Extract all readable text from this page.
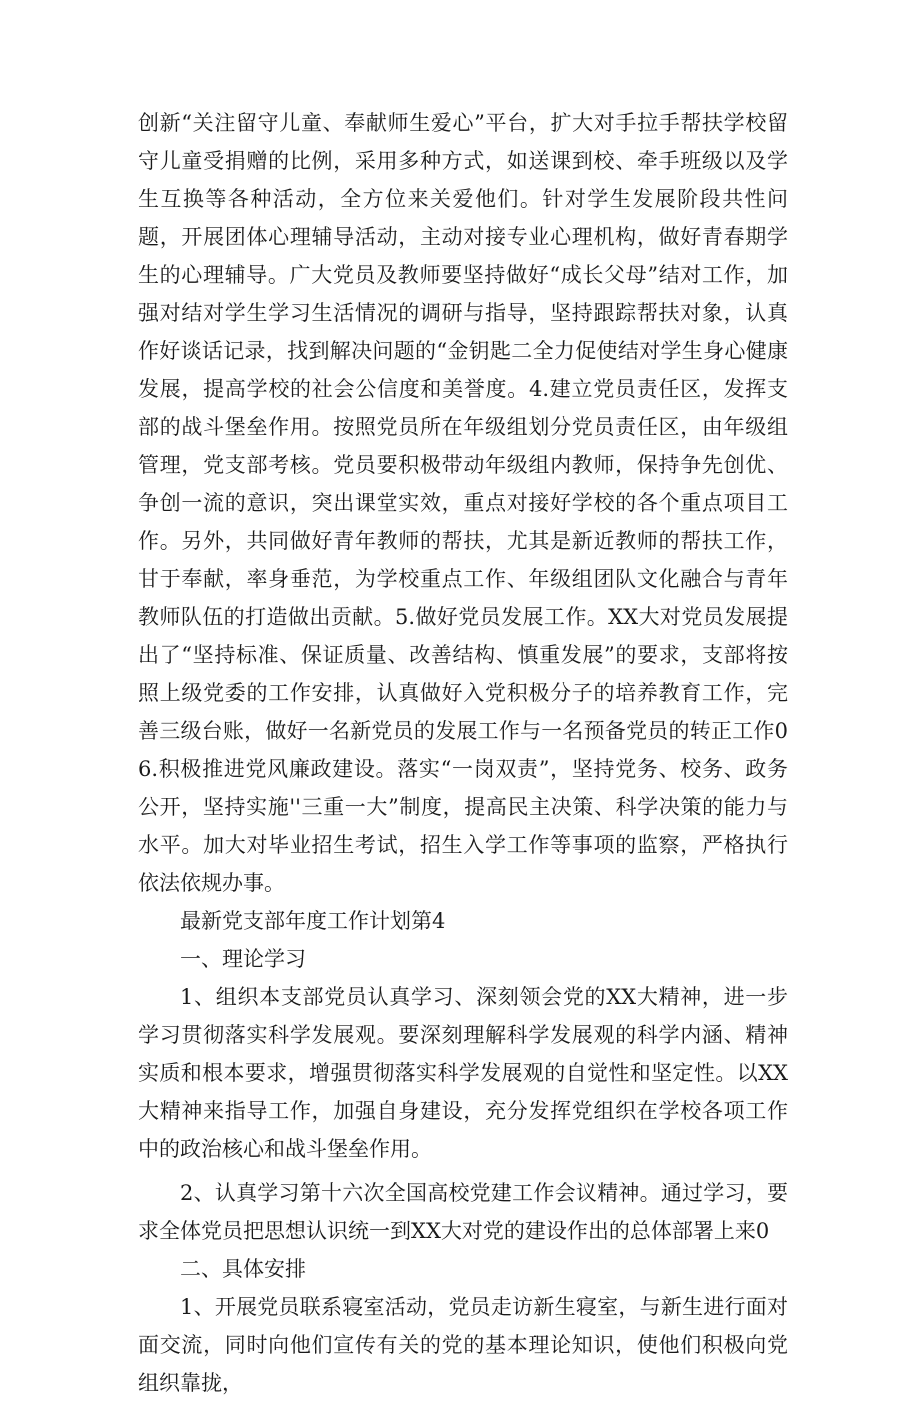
创新“关注留守儿童、奉献师生爱心”平台，扩大对手拉手帮扶学校留守儿童受捐赠的比例，采用多种方式，如送课到校、牵手班级以及学生互换等各种活动，全方位来关爱他们。针对学生发展阶段共性问题，开展团体心理辅导活动，主动对接专业心理机构，做好青春期学生的心理辅导。广大党员及教师要坚持做好“成长父母”结对工作，加强对结对学生学习生活情况的调研与指导，坚持跟踪帮扶对象，认真作好谈话记录，找到解决问题的“金钥匙二全力促使结对学生身心健康发展，提高学校的社会公信度和美誉度。4.建立党员责任区，发挥支部的战斗堡垒作用。按照党员所在年级组划分党员责任区，由年级组管理，党支部考核。党员要积极带动年级组内教师，保持争先创优、争创一流的意识，突出课堂实效，重点对接好学校的各个重点项目工作。另外，共同做好青年教师的帮扶，尤其是新近教师的帮扶工作，甘于奉献，率身垂范，为学校重点工作、年级组团队文化融合与青年教师队伍的打造做出贡献。5.做好党员发展工作。XX大对党员发展提出了“坚持标准、保证质量、改善结构、慎重发展”的要求，支部将按照上级党委的工作安排，认真做好入党积极分子的培养教育工作，完善三级台账，做好一名新党员的发展工作与一名预备党员的转正工作06.积极推进党风廉政建设。落实“一岗双责”，坚持党务、校务、政务公开，坚持实施''三重一大”制度，提高民主决策、科学决策的能力与水平。加大对毕业招生考试，招生入学工作等事项的监察，严格执行依法依规办事。

最新党支部年度工作计划第4

一、理论学习

1、组织本支部党员认真学习、深刻领会党的XX大精神，进一步学习贯彻落实科学发展观。要深刻理解科学发展观的科学内涵、精神实质和根本要求，增强贯彻落实科学发展观的自觉性和坚定性。以XX大精神来指导工作，加强自身建设，充分发挥党组织在学校各项工作中的政治核心和战斗堡垒作用。

2、认真学习第十六次全国高校党建工作会议精神。通过学习，要求全体党员把思想认识统一到XX大对党的建设作出的总体部署上来0

二、具体安排

1、开展党员联系寝室活动，党员走访新生寝室，与新生进行面对面交流，同时向他们宣传有关的党的基本理论知识，使他们积极向党组织靠拢，
